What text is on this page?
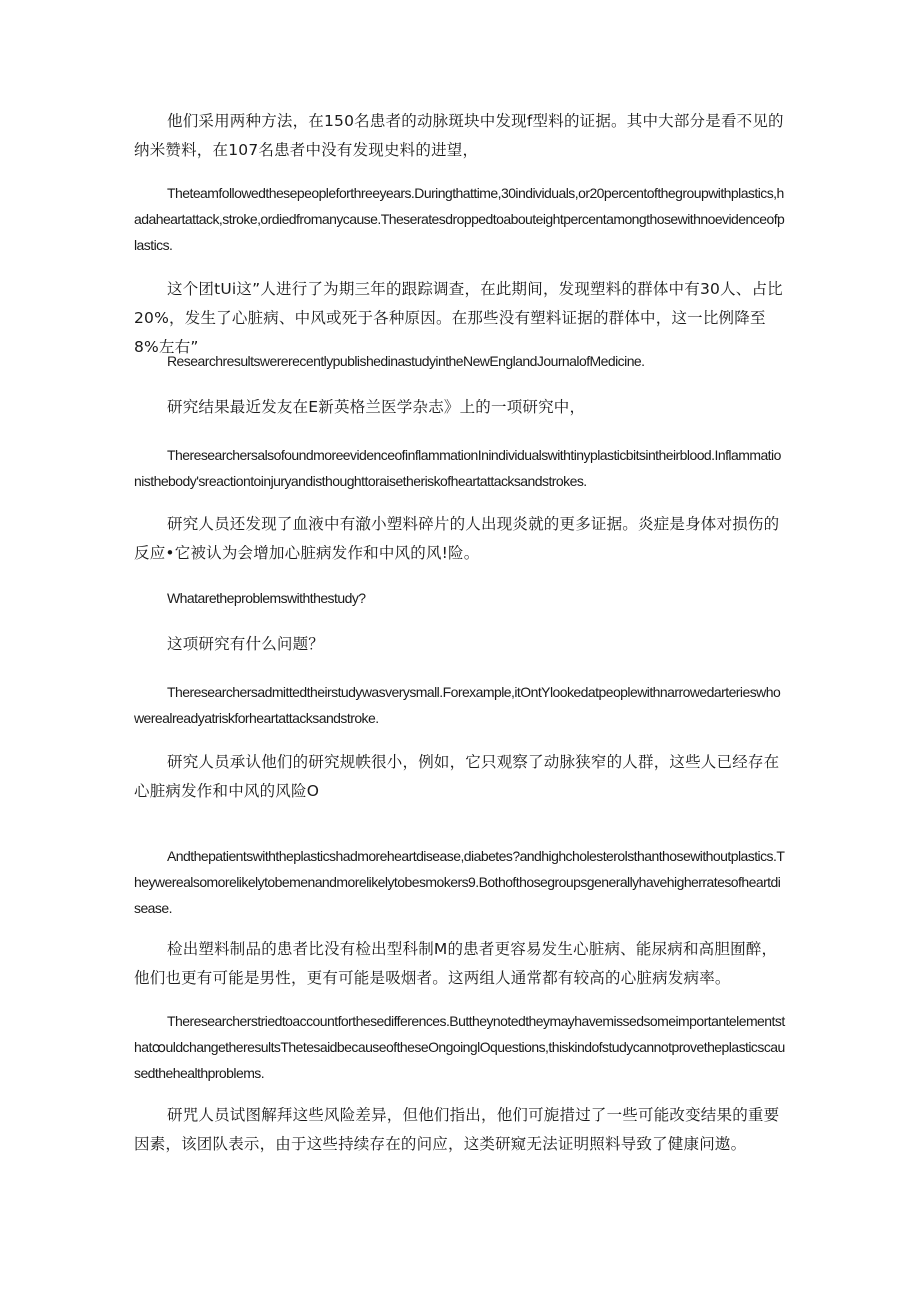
他们采用两种方法，在150名患者的动脉斑块中发现f型料的证据。其中大部分是看不见的纳米赞料，在107名患者中没有发现史料的进望，

Theteamfollowedthesepeopleforthreeyears.Duringthattime,30individuals,or20percentofthegroupwithplastics,hadaheartattack,stroke,ordiedfromanycause.Theseratesdroppedtoabouteightpercentamongthosewithnoevidenceofplastics.

这个团tUi这”人进行了为期三年的跟踪调查，在此期间，发现塑料的群体中有30人、占比20%，发生了心脏病、中风或死于各种原因。在那些没有塑料证据的群体中，这一比例降至8%左右”

ResearchresultswererecentlypublishedinastudyintheNewEnglandJournalofMedicine.

研究结果最近发友在E新英格兰医学杂志》上的一项研究中，

TheresearchersalsofoundmoreevidenceofinflammationInindividualswithtinyplasticbitsintheirblood.Inflammationisthebody'sreactiontoinjuryandisthoughttoraisetheriskofheartattacksandstrokes.

研究人员还发现了血液中有澈小塑料碎片的人出现炎就的更多证据。炎症是身体对损伤的反应•它被认为会增加心脏病发作和中风的风!险。

Whataretheproblemswiththestudy?

这项研究有什么问题？

Theresearchersadmittedtheirstudywasverysmall.Forexample,itOntYlookedatpeoplewithnarrowedarterieswhowerealreadyatriskforheartattacksandstroke.

研究人员承认他们的研究规帙很小，例如，它只观察了动脉狭窄的人群，这些人已经存在心脏病发作和中风的风险O

Andthepatientswiththeplasticshadmoreheartdisease,diabetes?andhighcholesterolsthanthosewithoutplastics.Theywerealsomorelikelytobemenandmorelikelytobesmokers9.Bothofthosegroupsgenerallyhavehigherratesofheartdisease.

检出塑料制品的患者比没有检出型科制M的患者更容易发生心脏病、能尿病和高胆囿醉，他们也更有可能是男性，更有可能是吸烟者。这两组人通常都有较高的心脏病发病率。

Theresearcherstriedtoaccountforthesedifferences.ButtheynotedtheymayhavemissedsomeimportantelementsthatꝏuldchangetheresultsThetesaidbecauseoftheseOngoinglOquestions,thiskindofstudycannotprovetheplasticscausedthehealthproblems.

研咒人员试图解拜这些风险差异，但他们指出，他们可旎措过了一些可能改变结果的重要因素，该团队表示，由于这些持续存在的问应，这类研窥无法证明照料导致了健康问遨。
